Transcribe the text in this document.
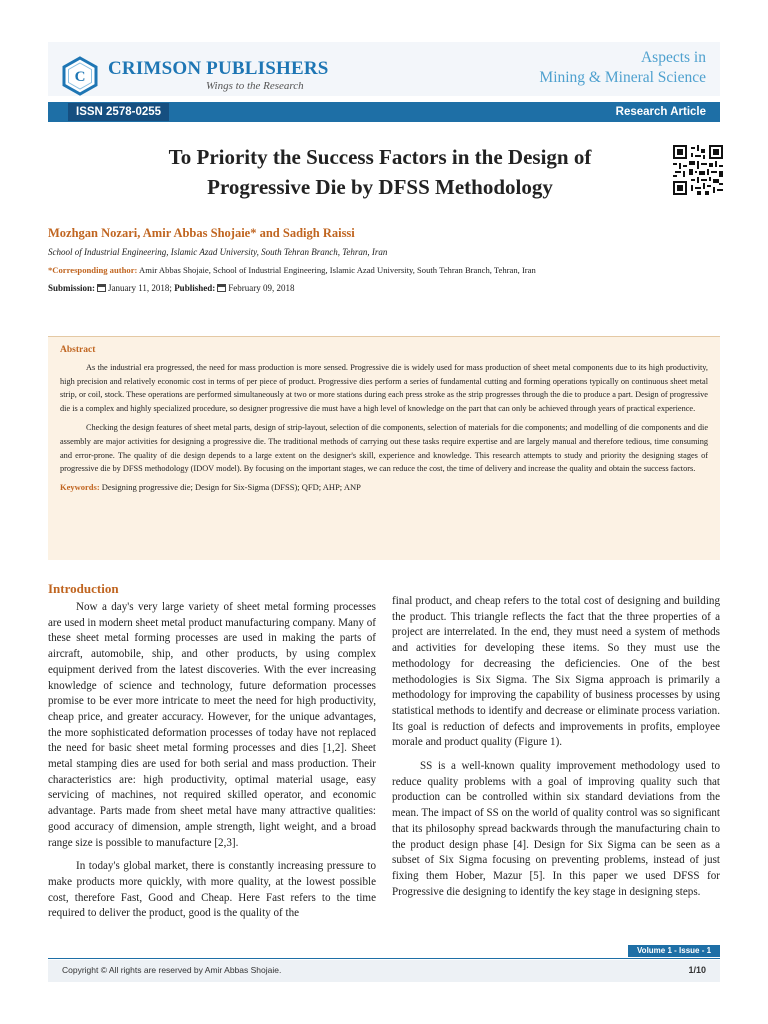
C CRIMSON PUBLISHERS
Wings to the Research
Aspects in
Mining & Mineral Science
ISSN 2578-0255	Research Article
To Priority the Success Factors in the Design of
Progressive Die by DFSS Methodology
Mozhgan Nozari, Amir Abbas Shojaie* and Sadigh Raissi
School of Industrial Engineering, Islamic Azad University, South Tehran Branch, Tehran, Iran
*Corresponding author: Amir Abbas Shojaie, School of Industrial Engineering, Islamic Azad University, South Tehran Branch, Tehran, Iran
Submission: January 11, 2018; Published: February 09, 2018
Abstract

As the industrial era progressed, the need for mass production is more sensed. Progressive die is widely used for mass production of sheet metal components due to its high productivity, high precision and relatively economic cost in terms of per piece of product. Progressive dies perform a series of fundamental cutting and forming operations typically on continuous sheet metal strip, or coil, stock. These operations are performed simultaneously at two or more stations during each press stroke as the strip progresses through the die to produce a part. Design of progressive die is a complex and highly specialized procedure, so designer progressive die must have a high level of knowledge on the part that can only be achieved through years of practical experience.

Checking the design features of sheet metal parts, design of strip-layout, selection of die components, selection of materials for die components; and modelling of die components and die assembly are major activities for designing a progressive die. The traditional methods of carrying out these tasks require expertise and are largely manual and therefore tedious, time consuming and error-prone. The quality of die design depends to a large extent on the designer's skill, experience and knowledge. This research attempts to study and priority the designing stages of progressive die by DFSS methodology (IDOV model). By focusing on the important stages, we can reduce the cost, the time of delivery and increase the quality and obtain the success factors.

Keywords: Designing progressive die; Design for Six-Sigma (DFSS); QFD; AHP; ANP
Introduction

Now a day's very large variety of sheet metal forming processes are used in modern sheet metal product manufacturing company. Many of these sheet metal forming processes are used in making the parts of aircraft, automobile, ship, and other products, by using complex equipment derived from the latest discoveries. With the ever increasing knowledge of science and technology, future deformation processes promise to be ever more intricate to meet the need for high productivity, cheap price, and greater accuracy. However, for the unique advantages, the more sophisticated deformation processes of today have not replaced the need for basic sheet metal forming processes and dies [1,2]. Sheet metal stamping dies are used for both serial and mass production. Their characteristics are: high productivity, optimal material usage, easy servicing of machines, not required skilled operator, and economic advantage. Parts made from sheet metal have many attractive qualities: good accuracy of dimension, ample strength, light weight, and a broad range size is possible to manufacture [2,3].

In today's global market, there is constantly increasing pressure to make products more quickly, with more quality, at the lowest possible cost, therefore Fast, Good and Cheap. Here Fast refers to the time required to deliver the product, good is the quality of the

final product, and cheap refers to the total cost of designing and building the product. This triangle reflects the fact that the three properties of a project are interrelated. In the end, they must need a system of methods and activities for developing these items. So they must use the methodology for decreasing the deficiencies. One of the best methodologies is Six Sigma. The Six Sigma approach is primarily a methodology for improving the capability of business processes by using statistical methods to identify and decrease or eliminate process variation. Its goal is reduction of defects and improvements in profits, employee morale and product quality (Figure 1).

SS is a well-known quality improvement methodology used to reduce quality problems with a goal of improving quality such that production can be controlled within six standard deviations from the mean. The impact of SS on the world of quality control was so significant that its philosophy spread backwards through the manufacturing chain to the product design phase [4]. Design for Six Sigma can be seen as a subset of Six Sigma focusing on preventing problems, instead of just fixing them Hober, Mazur [5]. In this paper we used DFSS for Progressive die designing to identify the key stage in designing steps.

Volume 1 - Issue - 1
Copyright © All rights are reserved by Amir Abbas Shojaie.	1/10
